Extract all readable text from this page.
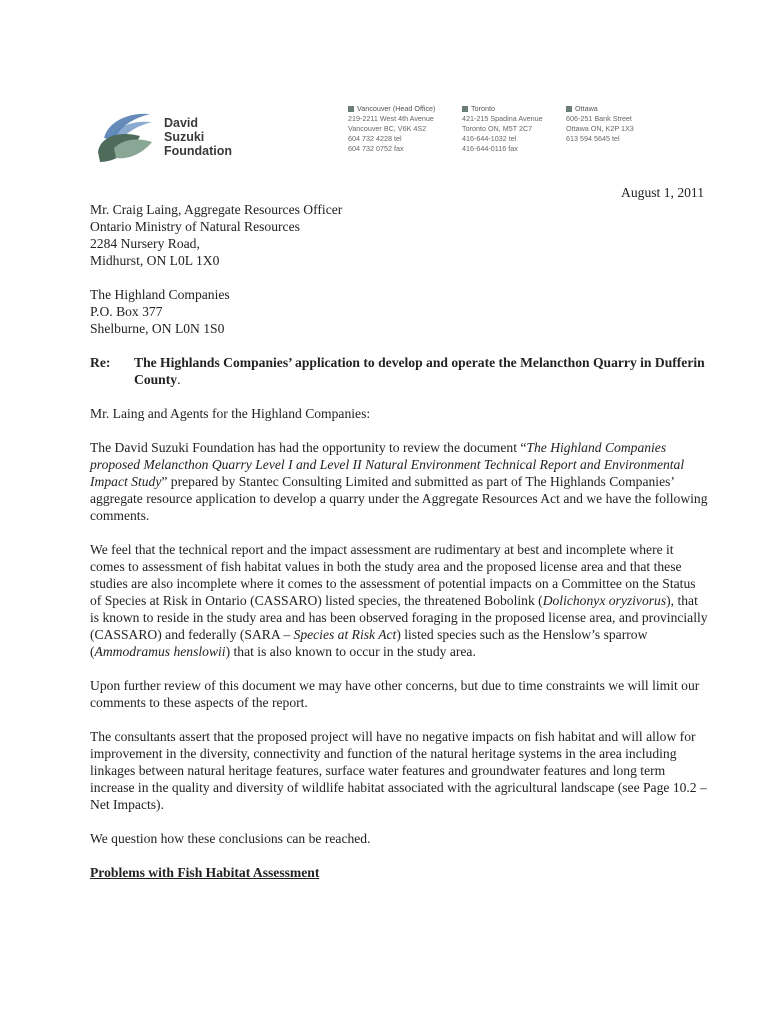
David
Suzuki
Foundation
Vancouver (Head Office)
219-2211 West 4th Avenue
Vancouver BC, V6K 4S2
604 732 4228 tel
604 732 0752 fax
Toronto
421-215 Spadina Avenue
Toronto ON, M5T 2C7
416-644-1032 tel
416-644-0116 fax
Ottawa
606-251 Bank Street
Ottawa ON, K2P 1X3
613 594 5645 tel
August 1, 2011
Mr. Craig Laing, Aggregate Resources Officer
Ontario Ministry of Natural Resources
2284 Nursery Road,
Midhurst, ON L0L 1X0
The Highland Companies
P.O. Box 377
Shelburne, ON L0N 1S0
Re:	The Highlands Companies’ application to develop and operate the Melancthon Quarry in Dufferin County.

Mr. Laing and Agents for the Highland Companies:

The David Suzuki Foundation has had the opportunity to review the document “The Highland Companies proposed Melancthon Quarry Level I and Level II Natural Environment Technical Report and Environmental Impact Study” prepared by Stantec Consulting Limited and submitted as part of The Highlands Companies’ aggregate resource application to develop a quarry under the Aggregate Resources Act and we have the following comments.

We feel that the technical report and the impact assessment are rudimentary at best and incomplete where it comes to assessment of fish habitat values in both the study area and the proposed license area and that these studies are also incomplete where it comes to the assessment of potential impacts on a Committee on the Status of Species at Risk in Ontario (CASSARO) listed species, the threatened Bobolink (Dolichonyx oryzivorus), that is known to reside in the study area and has been observed foraging in the proposed license area, and provincially (CASSARO) and federally (SARA – Species at Risk Act) listed species such as the Henslow’s sparrow (Ammodramus henslowii) that is also known to occur in the study area.

Upon further review of this document we may have other concerns, but due to time constraints we will limit our comments to these aspects of the report.

The consultants assert that the proposed project will have no negative impacts on fish habitat and will allow for improvement in the diversity, connectivity and function of the natural heritage systems in the area including linkages between natural heritage features, surface water features and groundwater features and long term increase in the quality and diversity of wildlife habitat associated with the agricultural landscape (see Page 10.2 – Net Impacts).

We question how these conclusions can be reached.

Problems with Fish Habitat Assessment
